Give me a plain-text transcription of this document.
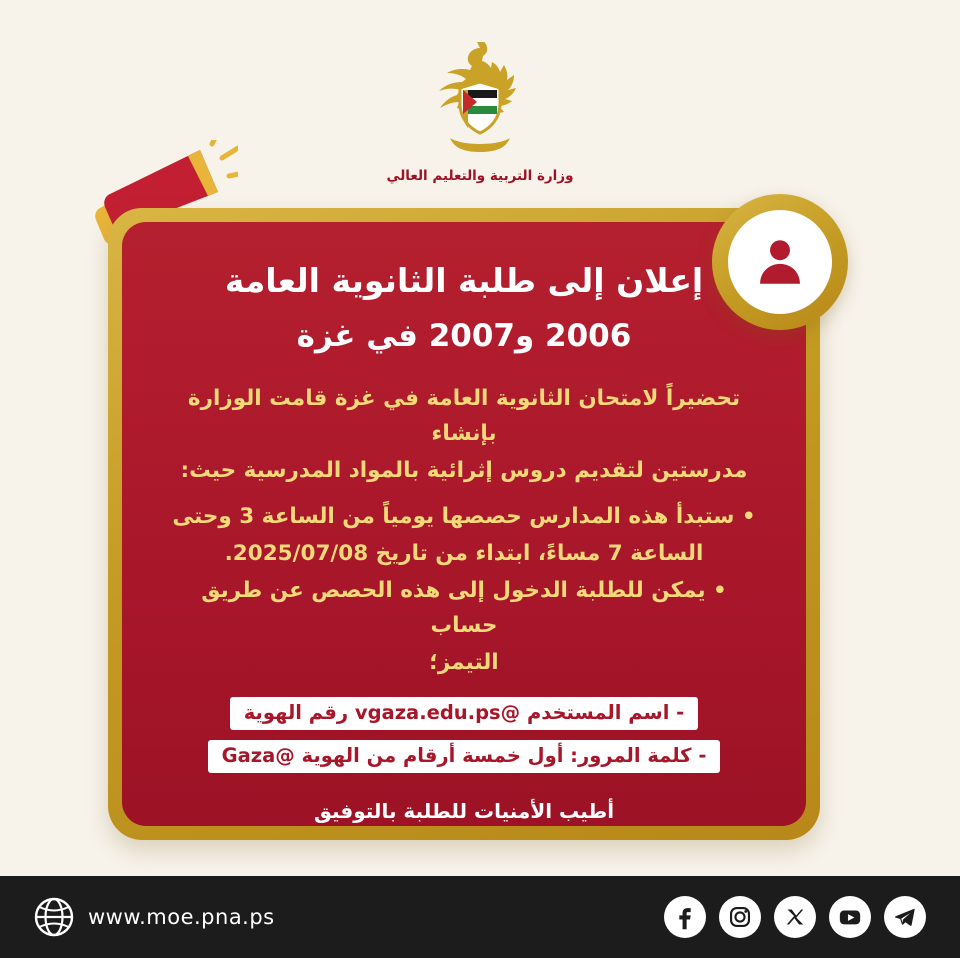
وزارة التربية والتعليم العالي
إعلان إلى طلبة الثانوية العامة
2006 و2007 في غزة

تحضيراً لامتحان الثانوية العامة في غزة قامت الوزارة بإنشاء

مدرستين لتقديم دروس إثرائية بالمواد المدرسية حيث:

• ستبدأ هذه المدارس حصصها يومياً من الساعة 3 وحتى

الساعة 7 مساءً، ابتداء من تاريخ 2025/07/08.

• يمكن للطلبة الدخول إلى هذه الحصص عن طريق حساب

التيمز؛

- اسم المستخدم @vgaza.edu.ps رقم الهوية
- كلمة المرور: أول خمسة أرقام من الهوية @Gaza
أطيب الأمنيات للطلبة بالتوفيق
www.moe.pna.ps
